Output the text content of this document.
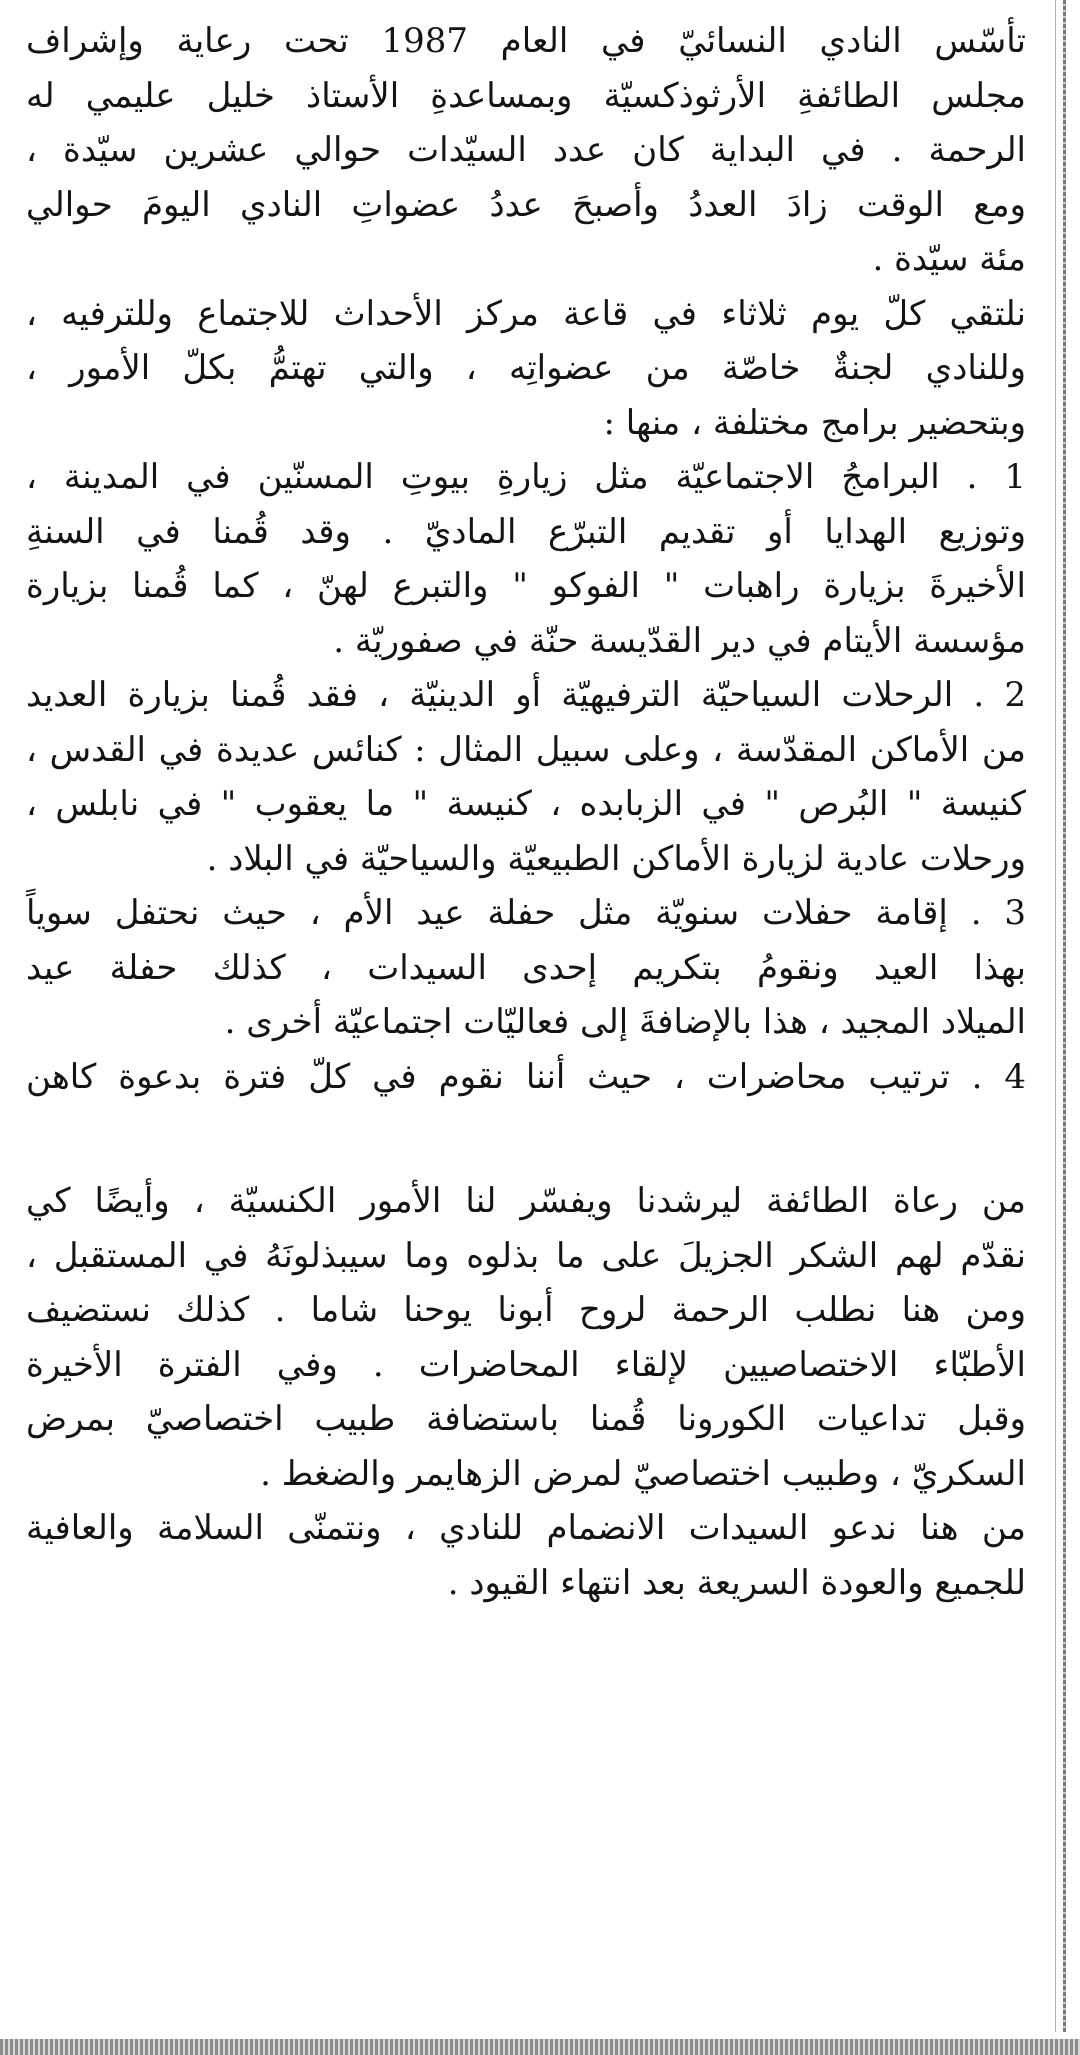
تأسّس النادي النسائيّ في العام 1987 تحت رعاية وإشراف
مجلس الطائفةِ الأرثوذكسيّة وبمساعدةِ الأستاذ خليل عليمي له
الرحمة . في البداية كان عدد السيّدات حوالي عشرين سيّدة ،
ومع الوقت زادَ العددُ وأصبحَ عددُ عضواتِ النادي اليومَ حوالي
مئة سيّدة .

نلتقي كلّ يوم ثلاثاء في قاعة مركز الأحداث للاجتماع وللترفيه ،
وللنادي لجنةٌ خاصّة من عضواتِه ، والتي تهتمُّ بكلّ الأمور ،
وبتحضير برامج مختلفة ، منها :

1 . البرامجُ الاجتماعيّة مثل زيارةِ بيوتِ المسنّين في المدينة ،
وتوزيع الهدايا أو تقديم التبرّع الماديّ . وقد قُمنا في السنةِ
الأخيرةَ بزيارة راهبات " الفوكو " والتبرع لهنّ ، كما قُمنا بزيارة
مؤسسة الأيتام في دير القدّيسة حنّة في صفوريّة .

2 . الرحلات السياحيّة الترفيهيّة أو الدينيّة ، فقد قُمنا بزيارة العديد
من الأماكن المقدّسة ، وعلى سبيل المثال : كنائس عديدة في القدس ،
كنيسة " البُرص " في الزبابده ، كنيسة " ما يعقوب " في نابلس ،
ورحلات عادية لزيارة الأماكن الطبيعيّة والسياحيّة في البلاد .

3 . إقامة حفلات سنويّة مثل حفلة عيد الأم ، حيث نحتفل سوياً
بهذا العيد ونقومُ بتكريم إحدى السيدات ، كذلك حفلة عيد
الميلاد المجيد ، هذا بالإضافةَ إلى فعاليّات اجتماعيّة أخرى .

4 . ترتيب محاضرات ، حيث أننا نقوم في كلّ فترة بدعوة كاهن

من رعاة الطائفة ليرشدنا ويفسّر لنا الأمور الكنسيّة ، وأيضًا كي
نقدّم لهم الشكر الجزيلَ على ما بذلوه وما سيبذلونَهُ في المستقبل ،
ومن هنا نطلب الرحمة لروح أبونا يوحنا شاما . كذلك نستضيف
الأطبّاء الاختصاصيين لإلقاء المحاضرات . وفي الفترة الأخيرة
وقبل تداعيات الكورونا قُمنا باستضافة طبيب اختصاصيّ بمرض
السكريّ ، وطبيب اختصاصيّ لمرض الزهايمر والضغط .

من هنا ندعو السيدات الانضمام للنادي ، ونتمنّى السلامة والعافية
للجميع والعودة السريعة بعد انتهاء القيود .
